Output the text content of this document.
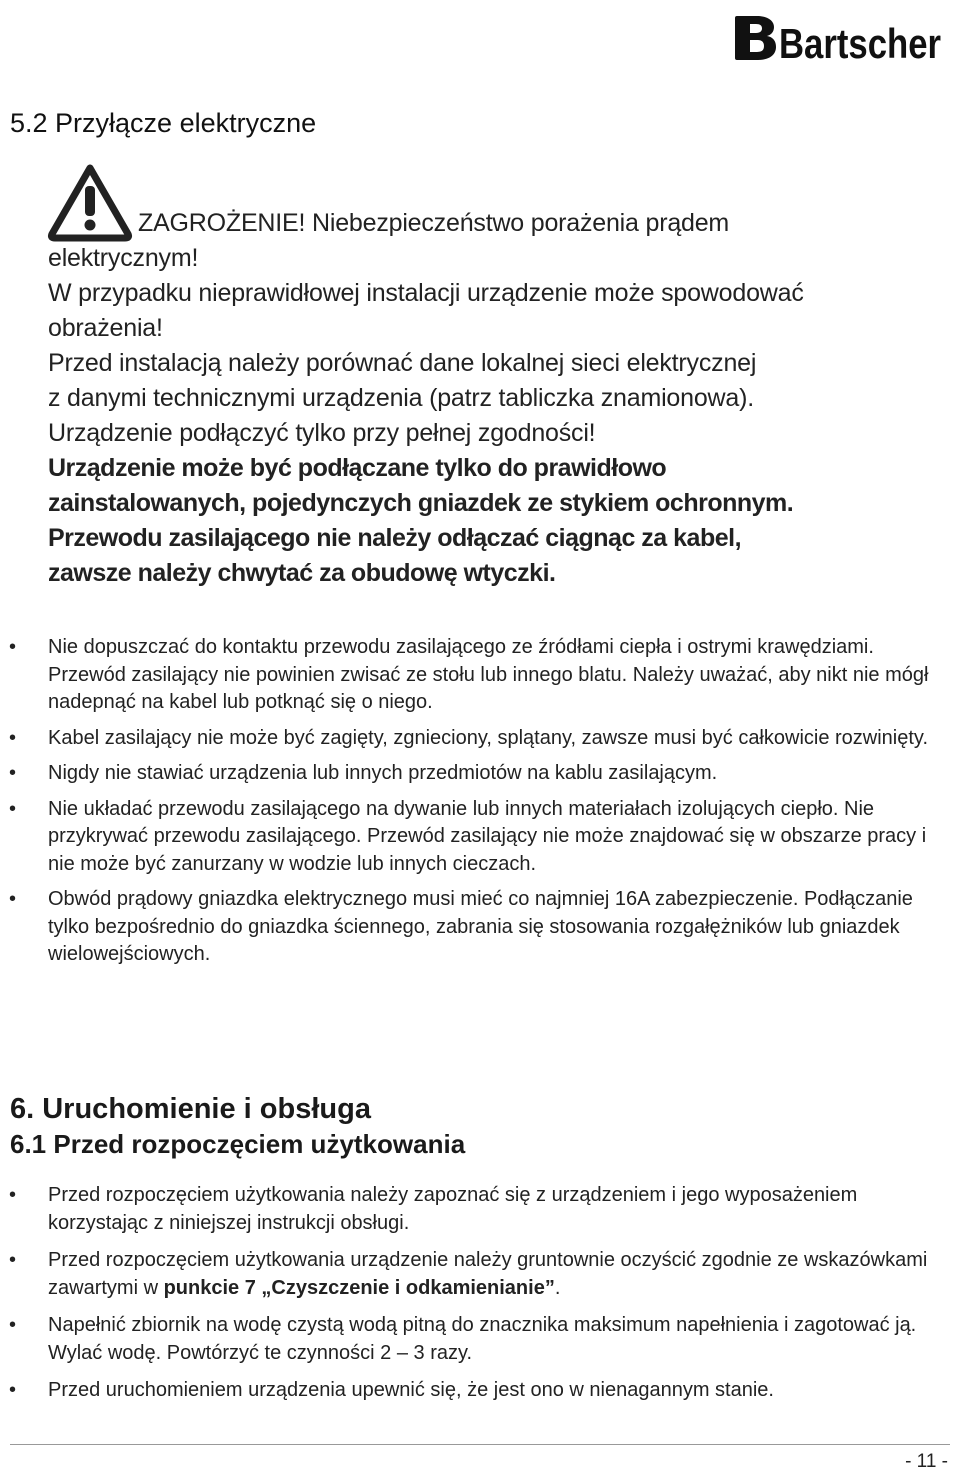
Bartscher
5.2 Przyłącze elektryczne

ZAGROŻENIE! Niebezpieczeństwo porażenia prądem

elektrycznym!

W przypadku nieprawidłowej instalacji urządzenie może spowodować

obrażenia!

Przed instalacją należy porównać dane lokalnej sieci elektrycznej

z danymi technicznymi urządzenia (patrz tabliczka znamionowa).

Urządzenie podłączyć tylko przy pełnej zgodności!

Urządzenie może być podłączane tylko do prawidłowo

zainstalowanych, pojedynczych gniazdek ze stykiem ochronnym.

Przewodu zasilającego nie należy odłączać ciągnąc za kabel,

zawsze należy chwytać za obudowę wtyczki.

• Nie dopuszczać do kontaktu przewodu zasilającego ze źródłami ciepła i ostrymi krawędziami. Przewód zasilający nie powinien zwisać ze stołu lub innego blatu. Należy uważać, aby nikt nie mógł nadepnąć na kabel lub potknąć się o niego.
• Kabel zasilający nie może być zagięty, zgnieciony, splątany, zawsze musi być całkowicie rozwinięty.
• Nigdy nie stawiać urządzenia lub innych przedmiotów na kablu zasilającym.
• Nie układać przewodu zasilającego na dywanie lub innych materiałach izolujących ciepło. Nie przykrywać przewodu zasilającego. Przewód zasilający nie może znajdować się w obszarze pracy i nie może być zanurzany w wodzie lub innych cieczach.
• Obwód prądowy gniazdka elektrycznego musi mieć co najmniej 16A zabezpieczenie. Podłączanie tylko bezpośrednio do gniazdka ściennego, zabrania się stosowania rozgałężników lub gniazdek wielowejściowych.
6. Uruchomienie i obsługa
6.1 Przed rozpoczęciem użytkowania
• Przed rozpoczęciem użytkowania należy zapoznać się z urządzeniem i jego wyposażeniem korzystając z niniejszej instrukcji obsługi.
• Przed rozpoczęciem użytkowania urządzenie należy gruntownie oczyścić zgodnie ze wskazówkami zawartymi w punkcie 7 „Czyszczenie i odkamienianie”.
• Napełnić zbiornik na wodę czystą wodą pitną do znacznika maksimum napełnienia i zagotować ją. Wylać wodę. Powtórzyć te czynności 2 – 3 razy.
• Przed uruchomieniem urządzenia upewnić się, że jest ono w nienagannym stanie.
- 11 -
